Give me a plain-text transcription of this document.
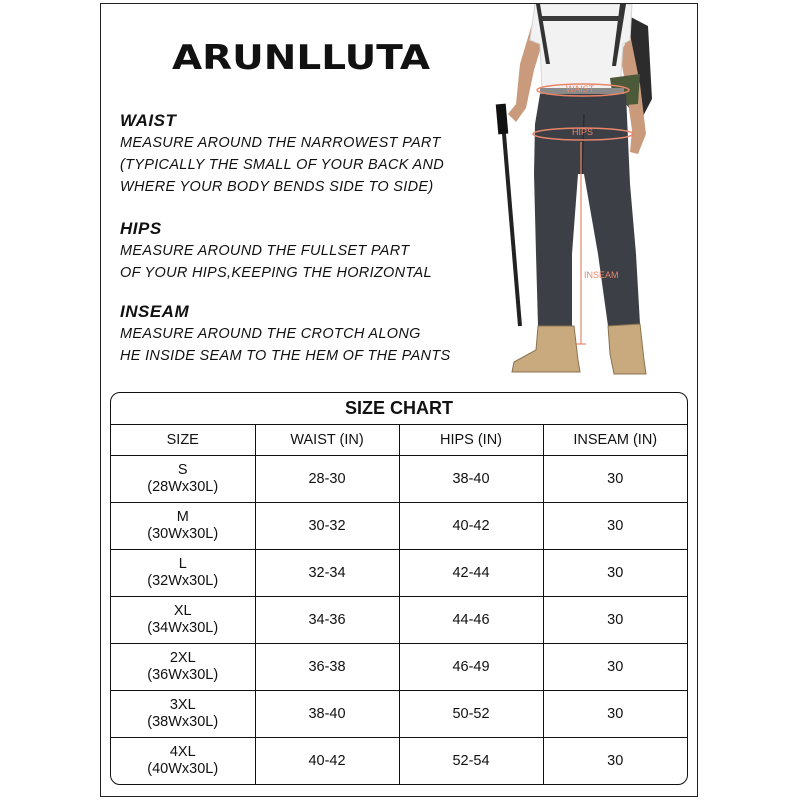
ARUNLLUTA

WAIST

MEASURE AROUND THE NARROWEST PART

(TYPICALLY THE SMALL OF YOUR BACK AND

WHERE YOUR BODY BENDS SIDE TO SIDE)

HIPS

MEASURE AROUND THE FULLSET PART

OF YOUR HIPS,KEEPING THE HORIZONTAL

INSEAM

MEASURE AROUND THE CROTCH ALONG

HE INSIDE SEAM TO THE HEM OF THE PANTS

WAIST
HIPS
INSEAM
SIZE CHART
SIZE	WAIST (IN)	HIPS (IN)	INSEAM (IN)

S
(28Wx30L)	28-30	38-40	30

M
(30Wx30L)	30-32	40-42	30

L
(32Wx30L)	32-34	42-44	30

XL
(34Wx30L)	34-36	44-46	30

2XL
(36Wx30L)	36-38	46-49	30

3XL
(38Wx30L)	38-40	50-52	30

4XL
(40Wx30L)	40-42	52-54	30
